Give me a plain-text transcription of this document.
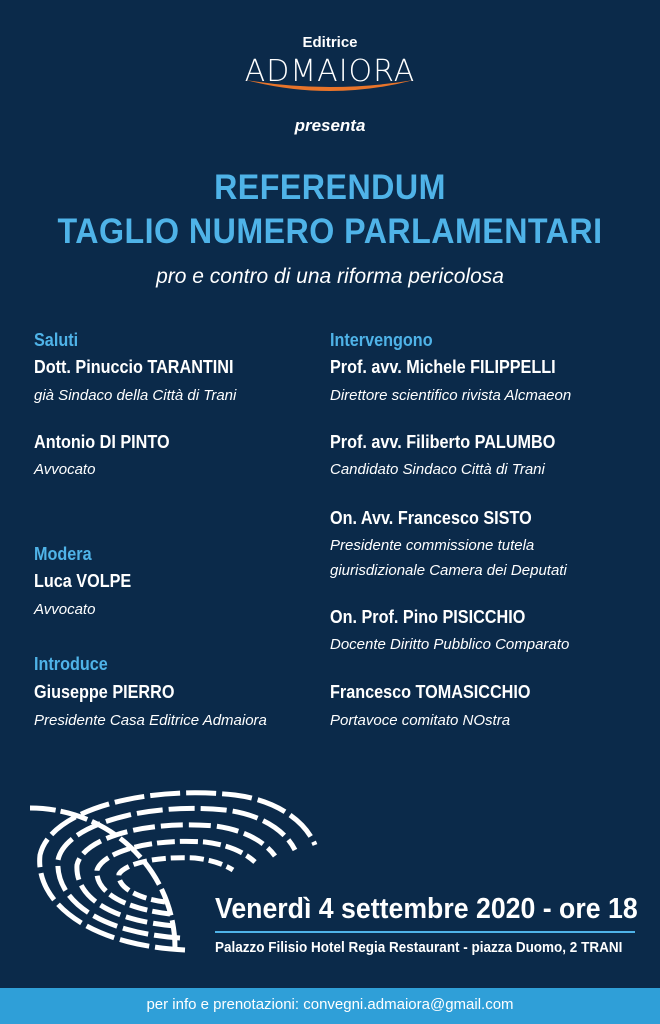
Editrice
ADMAIORA
presenta
REFERENDUM
TAGLIO NUMERO PARLAMENTARI
pro e contro di una riforma pericolosa
Saluti
Dott. Pinuccio TARANTINI
già Sindaco della Città di Trani
Antonio DI PINTO
Avvocato
Modera
Luca VOLPE
Avvocato
Introduce
Giuseppe PIERRO
Presidente Casa Editrice Admaiora
Intervengono
Prof. avv. Michele FILIPPELLI
Direttore scientifico rivista Alcmaeon
Prof. avv. Filiberto PALUMBO
Candidato Sindaco Città di Trani
On. Avv. Francesco SISTO
Presidente commissione tutela
giurisdizionale Camera dei Deputati
On. Prof. Pino PISICCHIO
Docente Diritto Pubblico Comparato
Francesco TOMASICCHIO
Portavoce comitato NOstra
Venerdì 4 settembre 2020 - ore 18
Palazzo Filisio Hotel Regia Restaurant - piazza Duomo, 2 TRANI
per info e prenotazioni: convegni.admaiora@gmail.com
